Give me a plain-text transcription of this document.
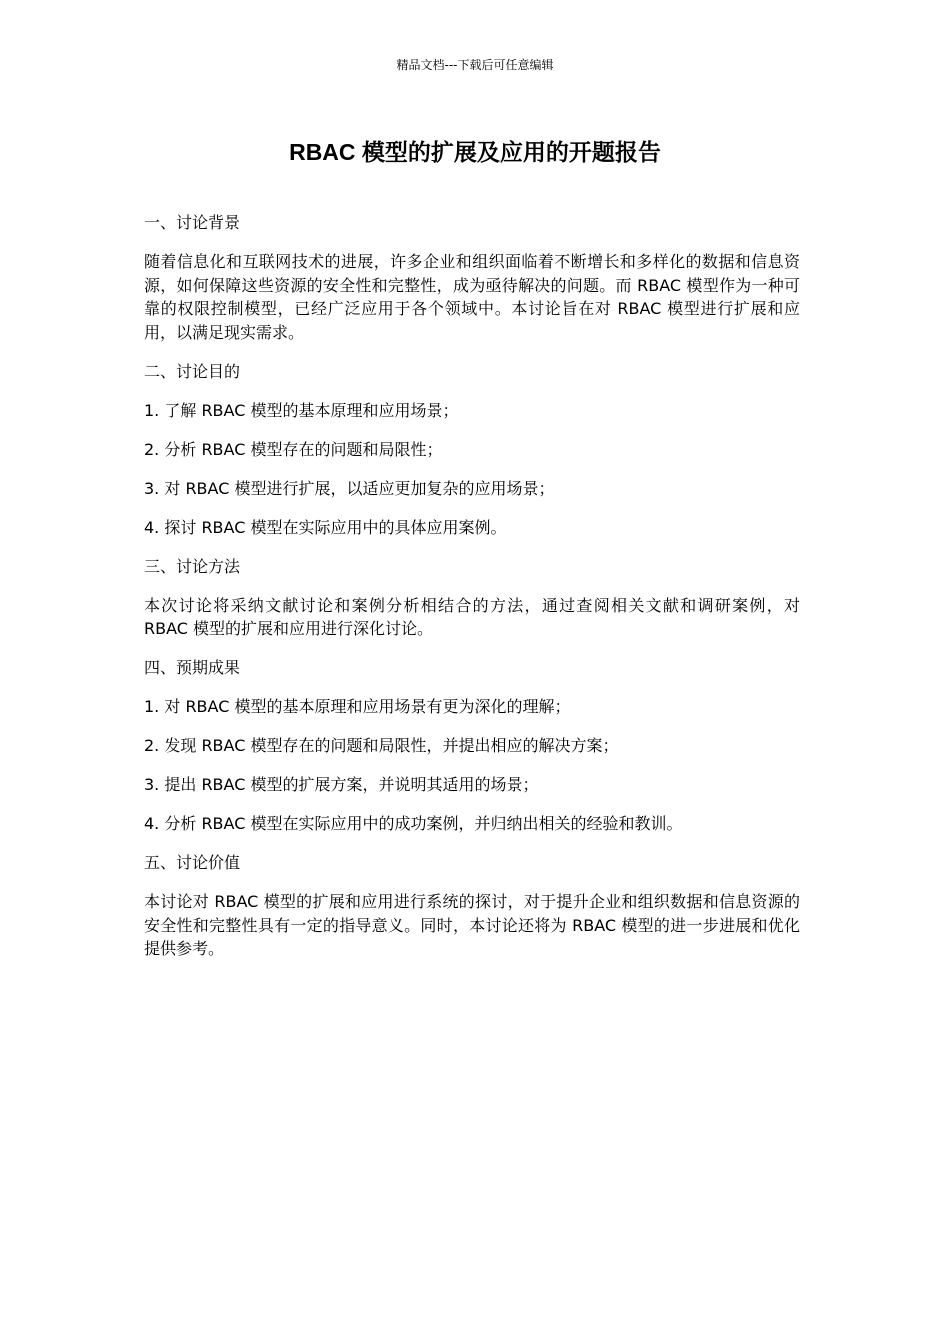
精品文档---下载后可任意编辑
RBAC 模型的扩展及应用的开题报告

一、讨论背景

随着信息化和互联网技术的进展，许多企业和组织面临着不断增长和多样化的数据和信息资源，如何保障这些资源的安全性和完整性，成为亟待解决的问题。而 RBAC 模型作为一种可靠的权限控制模型，已经广泛应用于各个领域中。本讨论旨在对 RBAC 模型进行扩展和应用，以满足现实需求。

二、讨论目的

1. 了解 RBAC 模型的基本原理和应用场景；

2. 分析 RBAC 模型存在的问题和局限性；

3. 对 RBAC 模型进行扩展，以适应更加复杂的应用场景；

4. 探讨 RBAC 模型在实际应用中的具体应用案例。

三、讨论方法

本次讨论将采纳文献讨论和案例分析相结合的方法，通过查阅相关文献和调研案例，对 RBAC 模型的扩展和应用进行深化讨论。

四、预期成果

1. 对 RBAC 模型的基本原理和应用场景有更为深化的理解；

2. 发现 RBAC 模型存在的问题和局限性，并提出相应的解决方案；

3. 提出 RBAC 模型的扩展方案，并说明其适用的场景；

4. 分析 RBAC 模型在实际应用中的成功案例，并归纳出相关的经验和教训。

五、讨论价值

本讨论对 RBAC 模型的扩展和应用进行系统的探讨，对于提升企业和组织数据和信息资源的安全性和完整性具有一定的指导意义。同时，本讨论还将为 RBAC 模型的进一步进展和优化提供参考。
